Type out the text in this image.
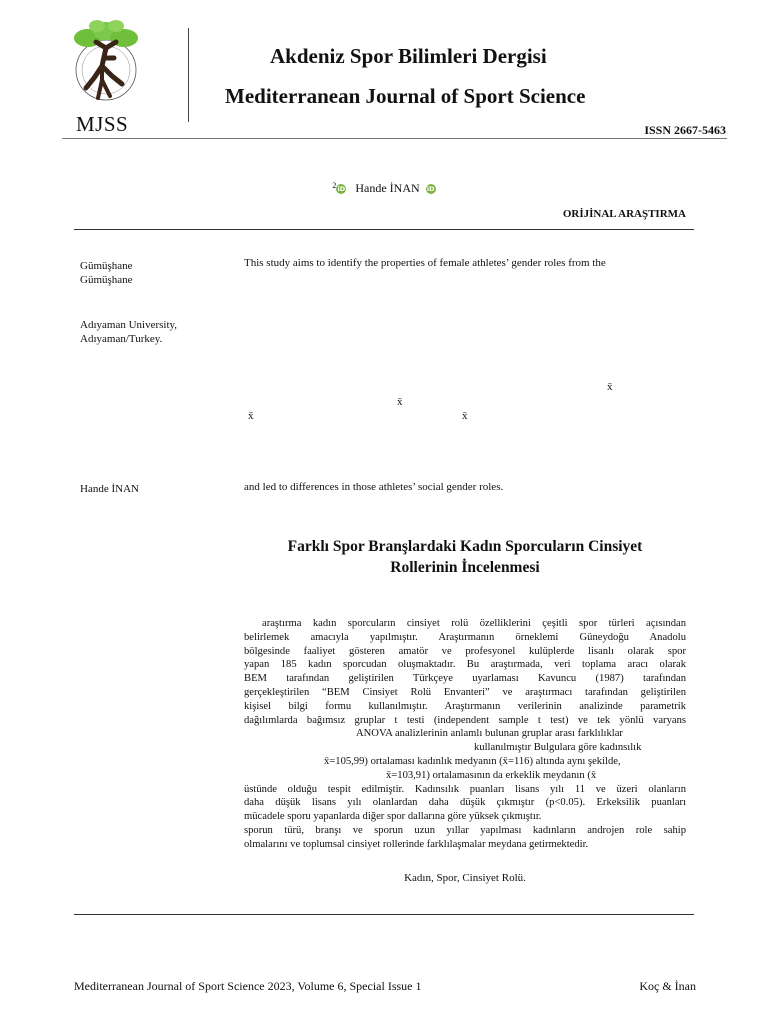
MJSS
Akdeniz Spor Bilimleri Dergisi
Mediterranean Journal of Sport Science
ISSN 2667-5463
$^2$iD Hande İNAN iD
ORİJİNAL ARAŞTIRMA
Gümüşhane
Gümüşhane
Adıyaman University,
Adıyaman/Turkey.
Hande İNAN
This study aims to identify the properties of female athletes’ gender roles from the
x̄
x̄
x̄	x̄
and led to differences in those athletes’ social gender roles.
Farklı Spor Branşlardaki Kadın Sporcuların Cinsiyet
Rollerinin İncelenmesi
araştırma kadın sporcuların cinsiyet rolü özelliklerini çeşitli spor türleri açısından
belirlemek amacıyla yapılmıştır. Araştırmanın örneklemi Güneydoğu Anadolu
bölgesinde faaliyet gösteren amatör ve profesyonel kulüplerde lisanlı olarak spor
yapan 185 kadın sporcudan oluşmaktadır. Bu araştırmada, veri toplama aracı olarak
BEM tarafından geliştirilen Türkçeye uyarlaması Kavuncu (1987) tarafından
gerçekleştirilen “BEM Cinsiyet Rolü Envanteri” ve araştırmacı tarafından geliştirilen
kişisel bilgi formu kullanılmıştır. Araştırmanın verilerinin analizinde parametrik
dağılımlarda bağımsız gruplar t testi (independent sample t test) ve tek yönlü varyans
ANOVA analizlerinin anlamlı bulunan gruplar arası farklılıklar
kullanılmıştır Bulgulara göre kadınsılık
x̄=105,99) ortalaması kadınlık medyanın (x̄=116) altında aynı şekilde,
x̄=103,91) ortalamasının da erkeklik meydanın (x̄
üstünde olduğu tespit edilmiştir. Kadınsılık puanları lisans yılı 11 ve üzeri olanların
daha düşük lisans yılı olanlardan daha düşük çıkmıştır (p<0.05). Erkeksilik puanları
mücadele sporu yapanlarda diğer spor dallarına göre yüksek çıkmıştır.
sporun türü, branşı ve sporun uzun yıllar yapılması kadınların androjen role sahip
olmalarını ve toplumsal cinsiyet rollerinde farklılaşmalar meydana getirmektedir.
Kadın, Spor, Cinsiyet Rolü.
Mediterranean Journal of Sport Science 2023, Volume 6, Special Issue 1	Koç & İnan
